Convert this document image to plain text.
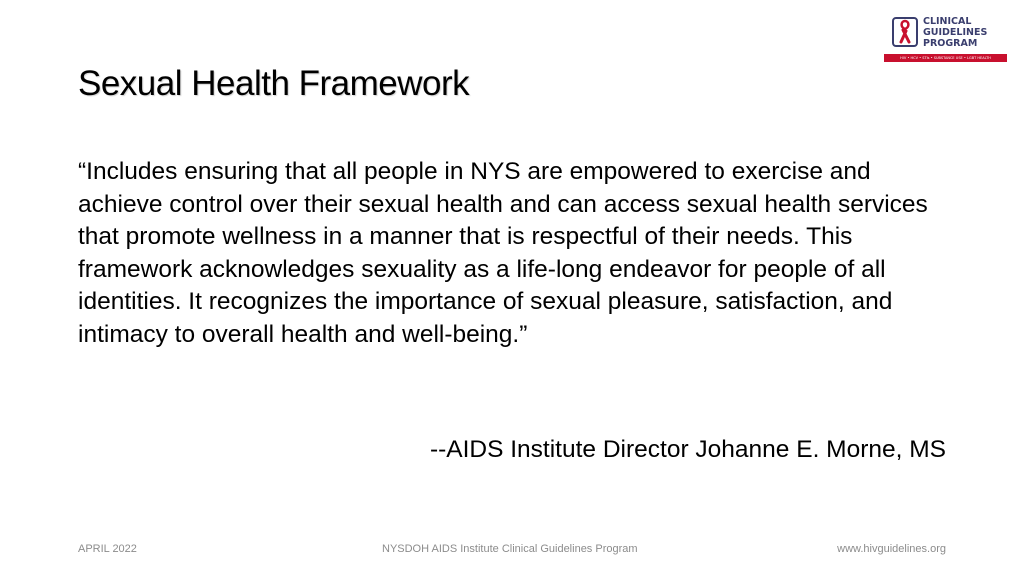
Sexual Health Framework

“Includes ensuring that all people in NYS are empowered to exercise and achieve control over their sexual health and can access sexual health services that promote wellness in a manner that is respectful of their needs. This framework acknowledges sexuality as a life-long endeavor for people of all identities. It recognizes the importance of sexual pleasure, satisfaction, and intimacy to overall health and well-being.”

--AIDS Institute Director Johanne E. Morne, MS

CLINICAL
GUIDELINES
PROGRAM
HIV • HCV • STIs • SUBSTANCE USE • LGBT HEALTH
APRIL 2022	NYSDOH AIDS Institute Clinical Guidelines Program	www.hivguidelines.org
